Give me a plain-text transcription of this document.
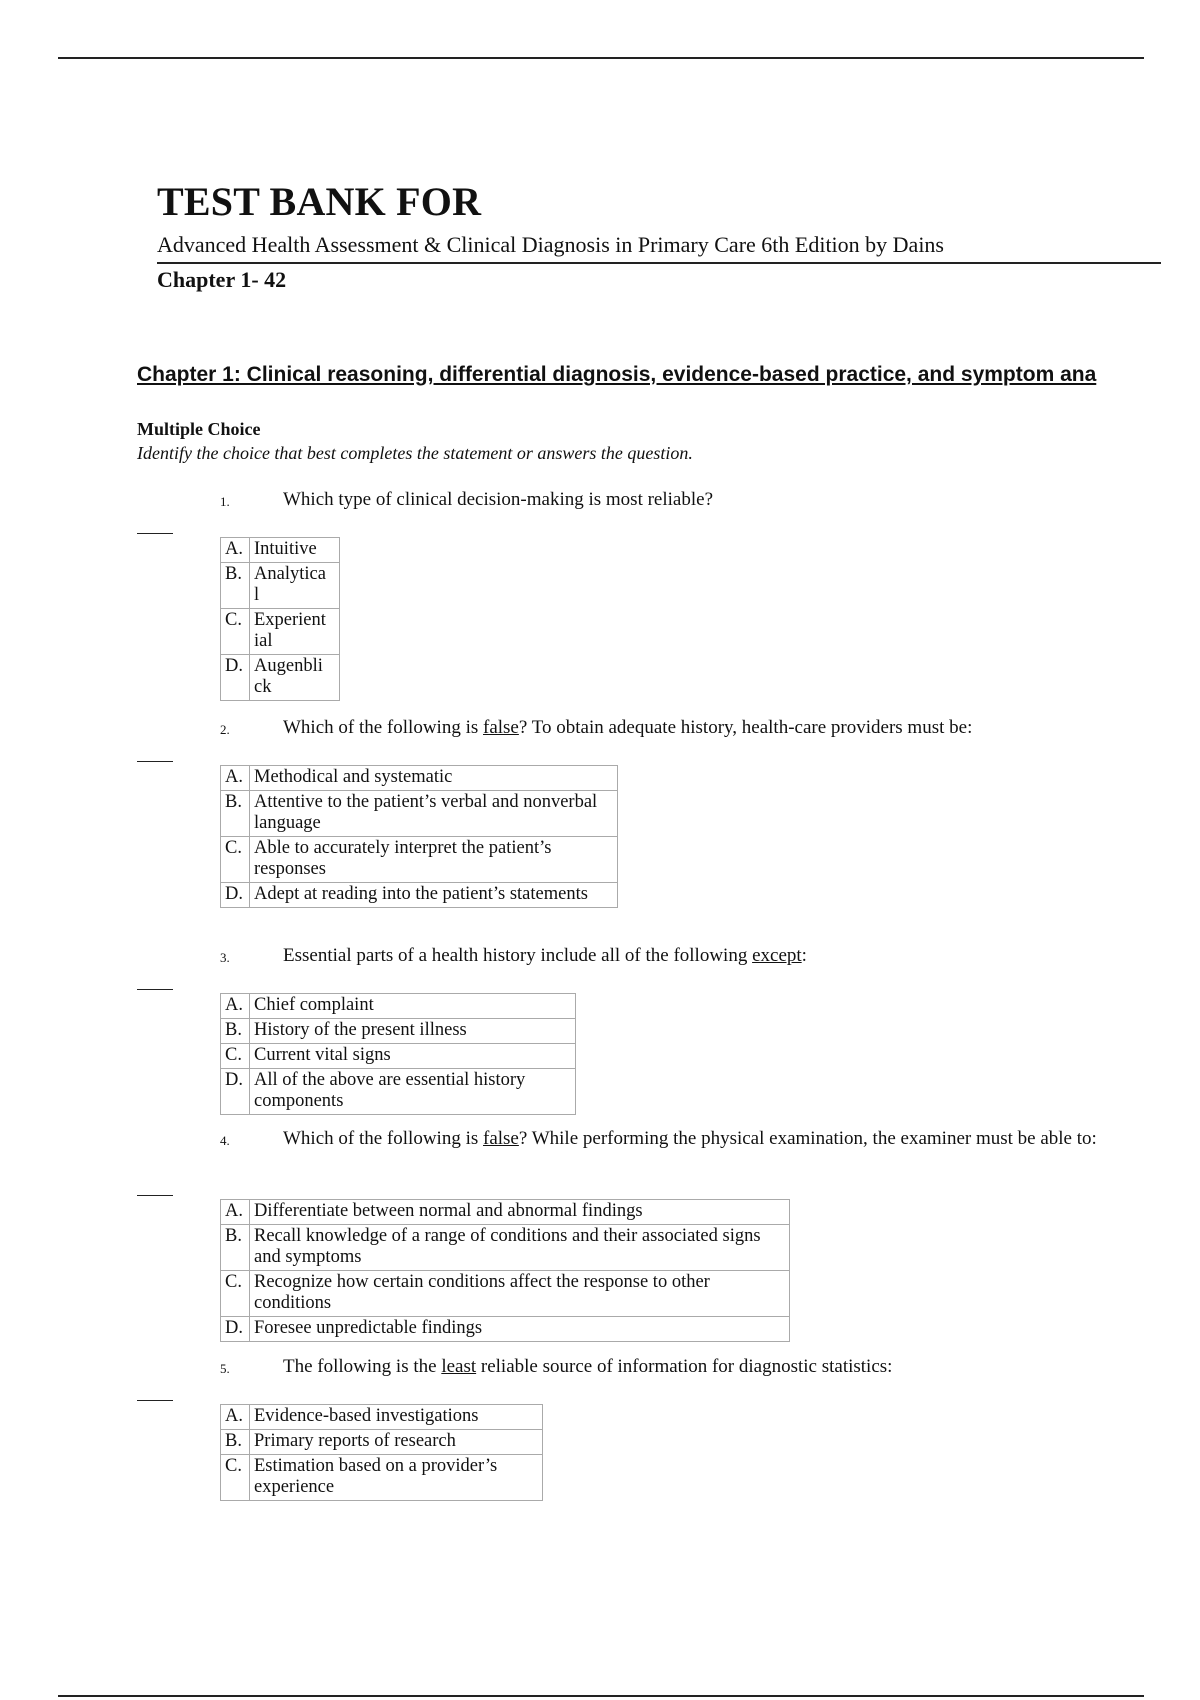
TEST BANK FOR
Advanced Health Assessment & Clinical Diagnosis in Primary Care 6th Edition by Dains
Chapter 1- 42
Chapter 1: Clinical reasoning, differential diagnosis, evidence-based practice, and symptom ana
Multiple Choice
Identify the choice that best completes the statement or answers the question.
1.	Which type of clinical decision-making is most reliable?
A.	Intuitive
B.	Analytica
l
C.	Experient
ial
D.	Augenbli
ck
2.	Which of the following is false? To obtain adequate history, health-care providers must be:
A.	Methodical and systematic
B.	Attentive to the patient’s verbal and nonverbal language
C.	Able to accurately interpret the patient’s responses
D.	Adept at reading into the patient’s statements
3.	Essential parts of a health history include all of the following except:
A.	Chief complaint
B.	History of the present illness
C.	Current vital signs
D.	All of the above are essential history components
4.	Which of the following is false? While performing the physical examination, the examiner must be able to:
A.	Differentiate between normal and abnormal findings
B.	Recall knowledge of a range of conditions and their associated signs and symptoms
C.	Recognize how certain conditions affect the response to other conditions
D.	Foresee unpredictable findings
5.	The following is the least reliable source of information for diagnostic statistics:
A.	Evidence-based investigations
B.	Primary reports of research
C.	Estimation based on a provider’s experience
